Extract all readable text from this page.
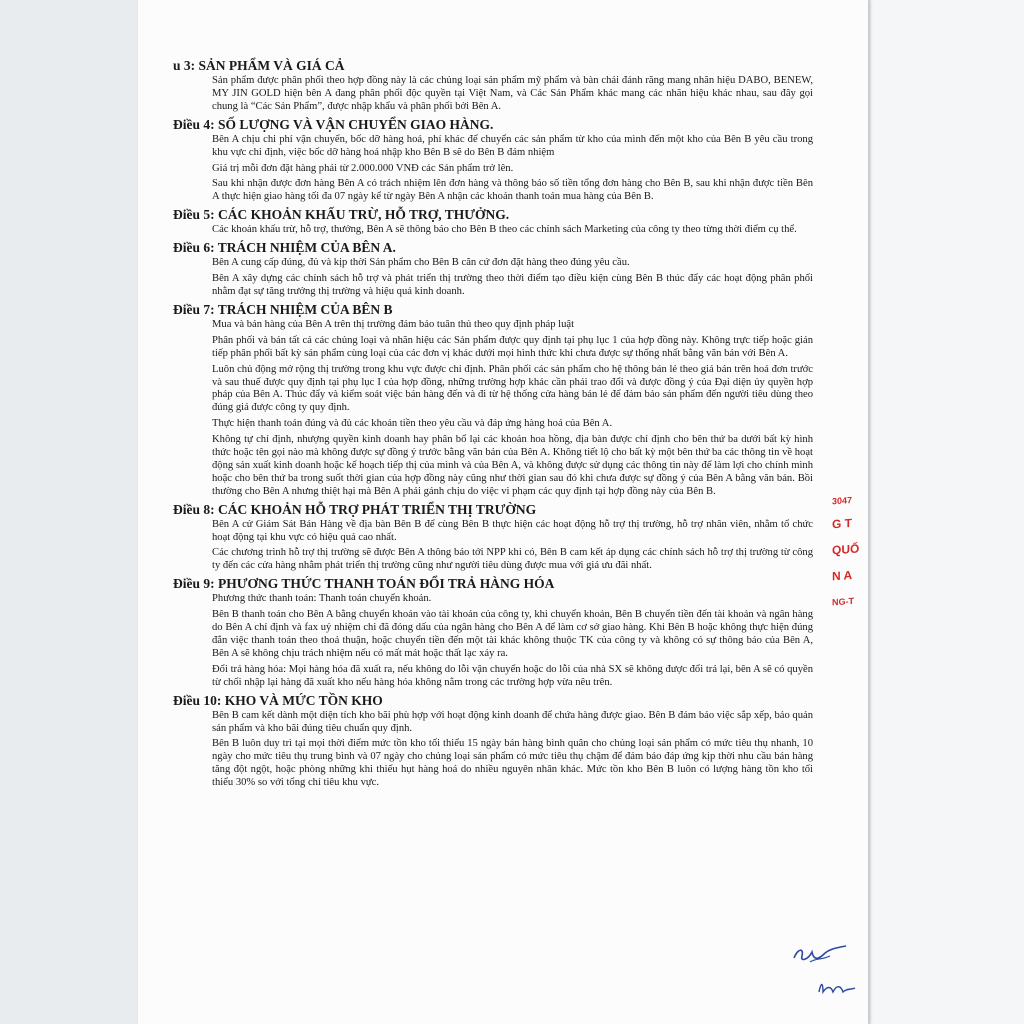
u 3: SẢN PHẨM VÀ GIÁ CẢ

Sản phẩm được phân phối theo hợp đồng này là các chủng loại sản phẩm mỹ phẩm và bàn chải đánh răng mang nhãn hiệu DABO, BENEW, MY JIN GOLD hiện bên A đang phân phối độc quyền tại Việt Nam, và Các Sản Phẩm khác mang các nhãn hiệu khác nhau, sau đây gọi chung là “Các Sản Phẩm”, được nhập khẩu và phân phối bởi Bên A.

Điều 4: SỐ LƯỢNG VÀ VẬN CHUYỂN GIAO HÀNG.

Bên A chịu chi phí vận chuyển, bốc dỡ hàng hoá, phí khác để chuyển các sản phẩm từ kho của mình đến một kho của Bên B yêu cầu trong khu vực chỉ định, việc bốc dỡ hàng hoá nhập kho Bên B sẽ do Bên B đảm nhiệm

Giá trị mỗi đơn đặt hàng phải từ 2.000.000 VNĐ các Sản phẩm trở lên.

Sau khi nhận được đơn hàng Bên A có trách nhiệm lên đơn hàng và thông báo số tiền tổng đơn hàng cho Bên B, sau khi nhận được tiền Bên A thực hiện giao hàng tối đa 07 ngày kể từ ngày Bên A nhận các khoản thanh toán mua hàng của Bên B.

Điều 5: CÁC KHOẢN KHẤU TRỪ, HỖ TRỢ, THƯỞNG.

Các khoản khấu trừ, hỗ trợ, thưởng, Bên A sẽ thông báo cho Bên B theo các chính sách Marketing của công ty theo từng thời điểm cụ thể.

Điều 6: TRÁCH NHIỆM CỦA BÊN A.

Bên A cung cấp đúng, đủ và kịp thời Sản phẩm cho Bên B căn cứ đơn đặt hàng theo đúng yêu cầu.

Bên A xây dựng các chính sách hỗ trợ và phát triển thị trường theo thời điểm tạo điều kiện cùng Bên B thúc đẩy các hoạt động phân phối nhằm đạt sự tăng trưởng thị trường và hiệu quả kinh doanh.

Điều 7: TRÁCH NHIỆM CỦA BÊN B

Mua và bán hàng của Bên A trên thị trường đảm bảo tuân thủ theo quy định pháp luật

Phân phối và bán tất cả các chủng loại và nhãn hiệu các Sản phẩm được quy định tại phụ lục 1 của hợp đồng này. Không trực tiếp hoặc gián tiếp phân phối bất kỳ sản phẩm cùng loại của các đơn vị khác dưới mọi hình thức khi chưa được sự thống nhất bằng văn bản với Bên A.

Luôn chủ động mở rộng thị trường trong khu vực được chỉ định. Phân phối các sản phẩm cho hệ thông bán lẻ theo giá bán trên hoá đơn trước và sau thuế được quy định tại phụ lục I của hợp đồng, những trường hợp khác cần phải trao đổi và được đồng ý của Đại diện ủy quyền hợp pháp của Bên A. Thúc đẩy và kiểm soát việc bán hàng đến và đi từ hệ thống cửa hàng bán lẻ để đảm bảo sản phẩm đến người tiêu dùng theo đúng giá được công ty quy định.

Thực hiện thanh toán đúng và đủ các khoản tiền theo yêu cầu và đáp ứng hàng hoá của Bên A.

Không tự chỉ định, nhượng quyền kinh doanh hay phân bổ lại các khoản hoa hồng, địa bàn được chỉ định cho bên thứ ba dưới bất kỳ hình thức hoặc tên gọi nào mà không được sự đồng ý trước bằng văn bản của Bên A. Không tiết lộ cho bất kỳ một bên thứ ba các thông tin về hoạt động sản xuất kinh doanh hoặc kế hoạch tiếp thị của mình và của Bên A, và không được sử dụng các thông tin này để làm lợi cho chính mình hoặc cho bên thứ ba trong suốt thời gian của hợp đồng này cũng như thời gian sau đó khi chưa được sự đồng ý của Bên A bằng văn bản. Bồi thường cho Bên A nhưng thiệt hại mà Bên A phải gánh chịu do việc vi phạm các quy định tại hợp đồng này của Bên B.

Điều 8: CÁC KHOẢN HỖ TRỢ PHÁT TRIỂN THỊ TRƯỜNG

Bên A cử Giám Sát Bán Hàng về địa bàn Bên B để cùng Bên B thực hiện các hoạt động hỗ trợ thị trường, hỗ trợ nhân viên, nhằm tổ chức hoạt động tại khu vực có hiệu quả cao nhất.

Các chương trình hỗ trợ thị trường sẽ được Bên A thông báo tới NPP khi có, Bên B cam kết áp dụng các chính sách hỗ trợ thị trường từ công ty đến các cửa hàng nhằm phát triển thị trường cũng như người tiêu dùng được mua với giá ưu đãi nhất.

Điều 9: PHƯƠNG THỨC THANH TOÁN ĐỔI TRẢ HÀNG HÓA

Phương thức thanh toán: Thanh toán chuyển khoản.

Bên B thanh toán cho Bên A bằng chuyển khoản vào tài khoản của công ty, khi chuyển khoản, Bên B chuyển tiền đến tài khoản và ngân hàng do Bên A chỉ định và fax uỷ nhiệm chi đã đóng dấu của ngân hàng cho Bên A để làm cơ sở giao hàng. Khi Bên B hoặc không thực hiện đúng đắn việc thanh toán theo thoả thuận, hoặc chuyển tiền đến một tài khác không thuộc TK của công ty và không có sự thông báo của Bên A, Bên A sẽ không chịu trách nhiệm nếu có mất mát hoặc thất lạc xảy ra.

Đổi trả hàng hóa: Mọi hàng hóa đã xuất ra, nếu không do lỗi vận chuyển hoặc do lỗi của nhà SX sẽ không được đổi trả lại, bên A sẽ có quyền từ chối nhập lại hàng đã xuất kho nếu hàng hóa không nằm trong các trường hợp vừa nêu trên.

Điều 10: KHO VÀ MỨC TỒN KHO

Bên B cam kết dành một diện tích kho bãi phù hợp với hoạt động kinh doanh để chứa hàng được giao. Bên B đảm bảo việc sắp xếp, bảo quản sản phẩm và kho bãi đúng tiêu chuẩn quy định.

Bên B luôn duy trì tại mọi thời điểm mức tồn kho tối thiểu 15 ngày bán hàng bình quân cho chủng loại sản phẩm có mức tiêu thụ nhanh, 10 ngày cho mức tiêu thụ trung bình và 07 ngày cho chủng loại sản phẩm có mức tiêu thụ chậm để đảm bảo đáp ứng kịp thời nhu cầu bán hàng tăng đột ngột, hoặc phòng những khi thiếu hụt hàng hoá do nhiều nguyên nhân khác. Mức tồn kho Bên B luôn có lượng hàng tồn kho tối thiểu 30% so với tổng chỉ tiêu khu vực.

3047
G T
QUỐ
N A
NG-T
